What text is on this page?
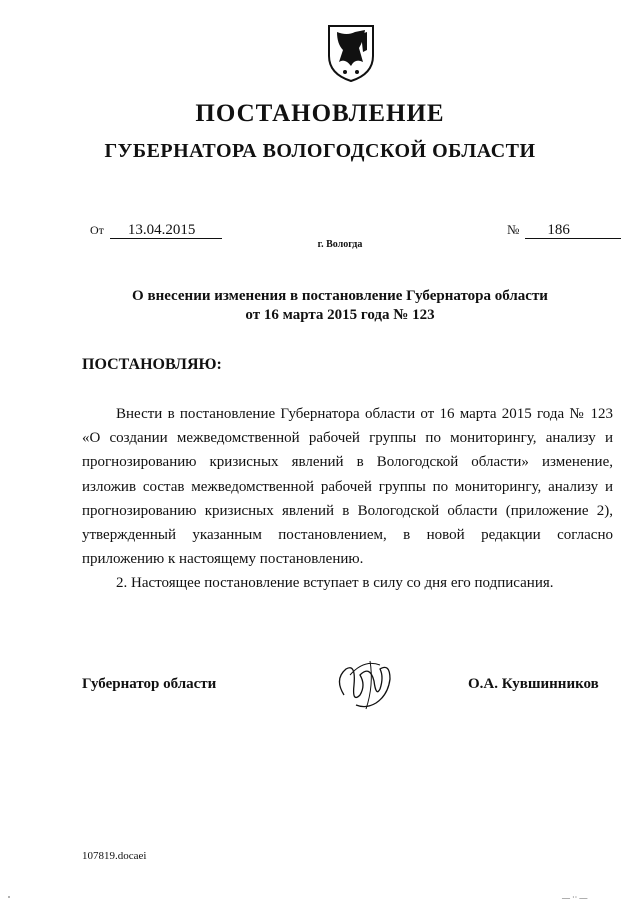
ПОСТАНОВЛЕНИЕ
ГУБЕРНАТОРА ВОЛОГОДСКОЙ ОБЛАСТИ
От 13.04.2015	№ 186
г. Вологда
О внесении изменения в постановление Губернатора области
от 16 марта 2015 года № 123
ПОСТАНОВЛЯЮ:

Внести в постановление Губернатора области от 16 марта 2015 года № 123 «О создании межведомственной рабочей группы по мониторингу, анализу и прогнозированию кризисных явлений в Вологодской области» изменение, изложив состав межведомственной рабочей группы по мониторингу, анализу и прогнозированию кризисных явлений в Вологодской области (приложение 2), утвержденный указанным постановлением, в новой редакции согласно приложению к настоящему постановлению.

2. Настоящее постановление вступает в силу со дня его подписания.

Губернатор области	О.А. Кувшинников
107819.docaei
— ·· —
